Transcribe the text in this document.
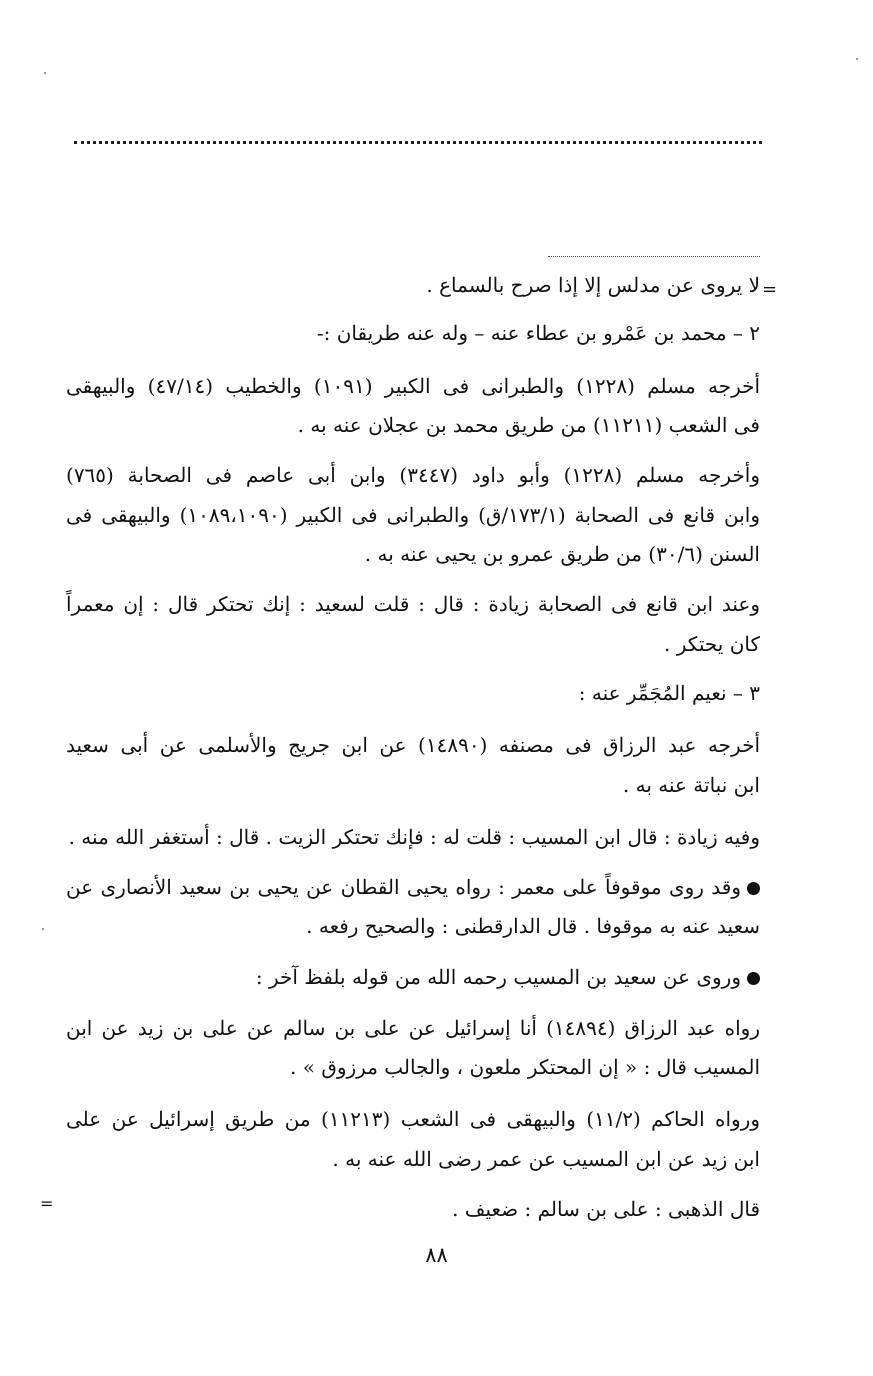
=
لا يروى عن مدلس إلا إذا صرح بالسماع .
٢ – محمد بن عَمْرو بن عطاء عنه – وله عنه طريقان :-
أخرجه مسلم (١٢٢٨) والطبرانى فى الكبير (١٠٩١) والخطيب (٤٧/١٤) والبيهقى
فى الشعب (١١٢١١) من طريق محمد بن عجلان عنه به .
وأخرجه مسلم (١٢٢٨) وأبو داود (٣٤٤٧) وابن أبى عاصم فى الصحابة (٧٦٥)
وابن قانع فى الصحابة (١٧٣/١/ق) والطبرانى فى الكبير (١٠٨٩،١٠٩٠) والبيهقى فى
السنن (٣٠/٦) من طريق عمرو بن يحيى عنه به .
وعند ابن قانع فى الصحابة زيادة : قال : قلت لسعيد : إنك تحتكر قال : إن معمراً
كان يحتكر .
٣ – نعيم المُجَمِّر عنه :
أخرجه عبد الرزاق فى مصنفه (١٤٨٩٠) عن ابن جريج والأسلمى عن أبى سعيد
ابن نباتة عنه به .
وفيه زيادة : قال ابن المسيب : قلت له : فإنك تحتكر الزيت . قال : أستغفر الله منه .
وقد روى موقوفاً على معمر : رواه يحيى القطان عن يحيى بن سعيد الأنصارى عن
سعيد عنه به موقوفا . قال الدارقطنى : والصحيح رفعه .
وروى عن سعيد بن المسيب رحمه الله من قوله بلفظ آخر :
رواه عبد الرزاق (١٤٨٩٤) أنا إسرائيل عن على بن سالم عن على بن زيد عن ابن
المسيب قال : « إن المحتكر ملعون ، والجالب مرزوق » .
ورواه الحاكم (١١/٢) والبيهقى فى الشعب (١١٢١٣) من طريق إسرائيل عن على
ابن زيد عن ابن المسيب عن عمر رضى الله عنه به .
قال الذهبى : على بن سالم : ضعيف .
=
٨٨
